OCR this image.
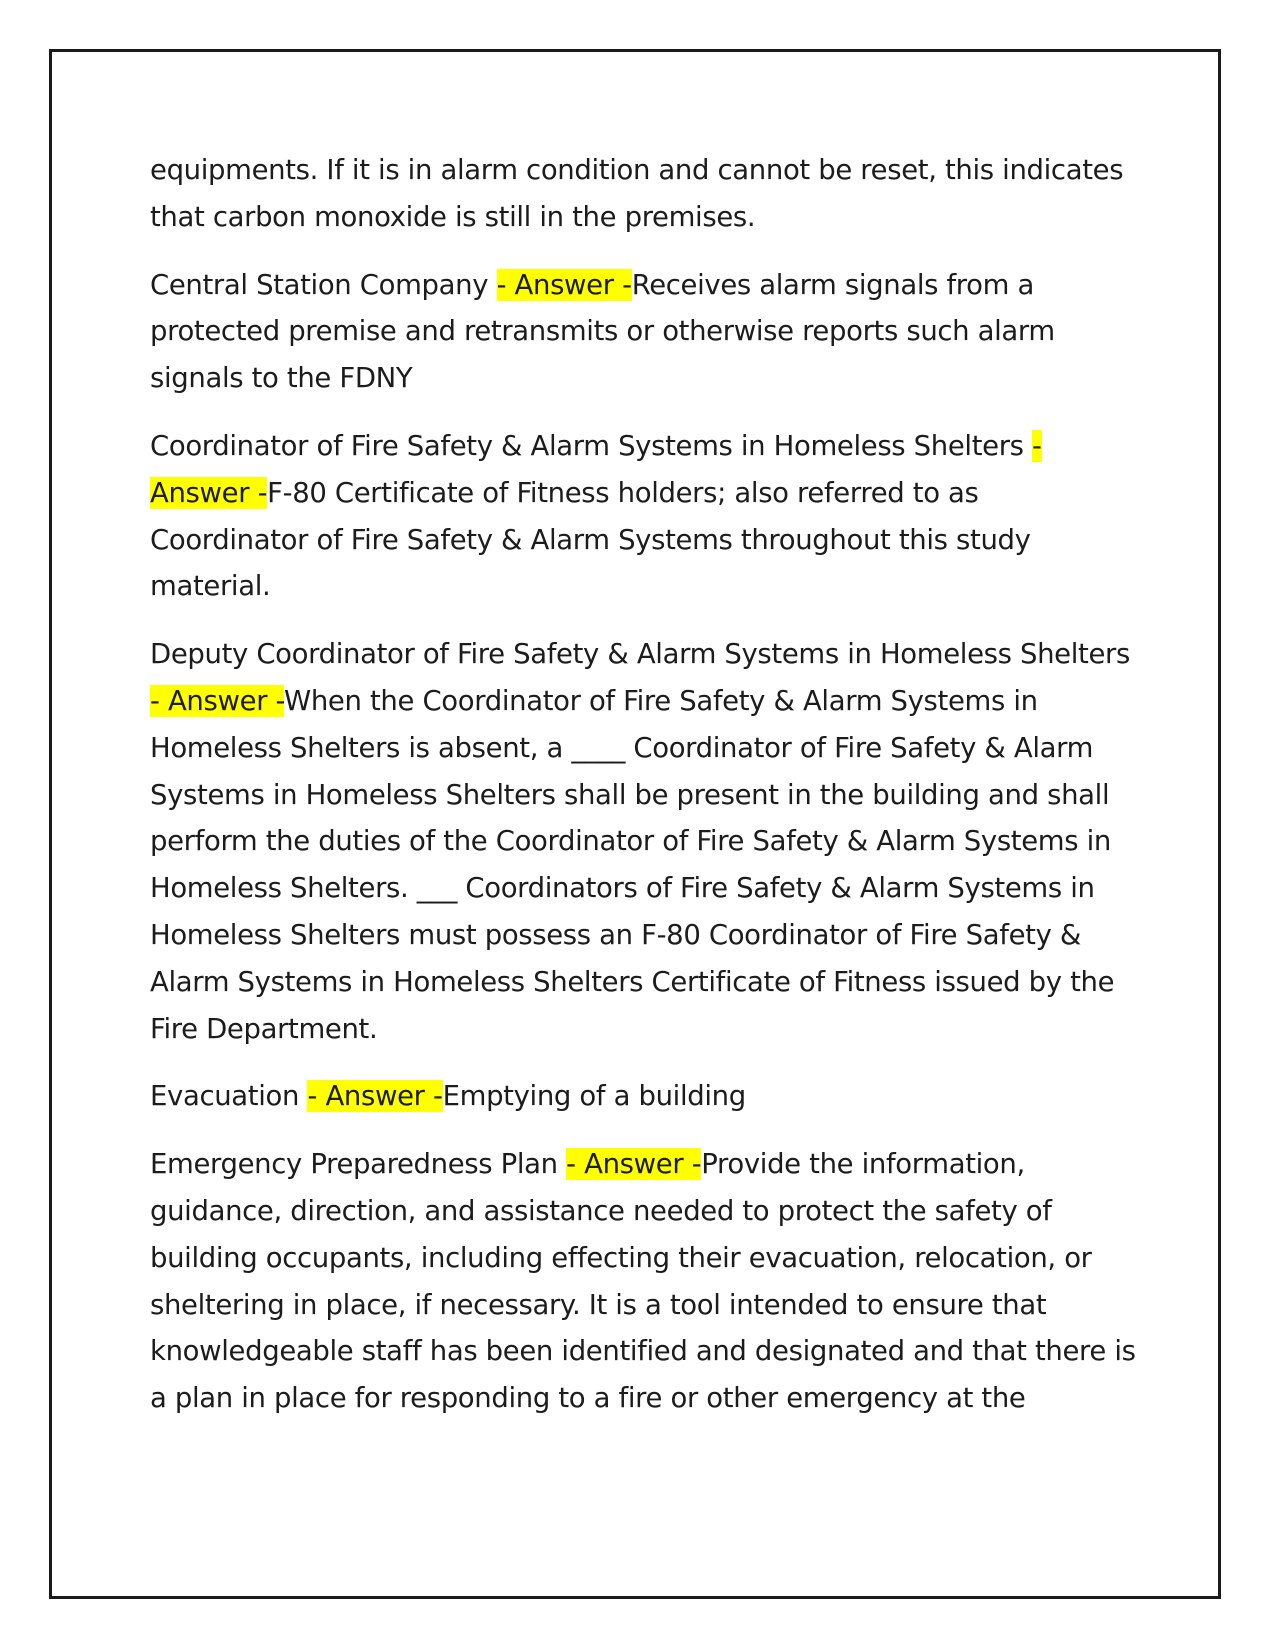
equipments. If it is in alarm condition and cannot be reset, this indicates that carbon monoxide is still in the premises.

Central Station Company - Answer -Receives alarm signals from a protected premise and retransmits or otherwise reports such alarm signals to the FDNY

Coordinator of Fire Safety & Alarm Systems in Homeless Shelters - Answer -F-80 Certificate of Fitness holders; also referred to as Coordinator of Fire Safety & Alarm Systems throughout this study material.

Deputy Coordinator of Fire Safety & Alarm Systems in Homeless Shelters - Answer -When the Coordinator of Fire Safety & Alarm Systems in Homeless Shelters is absent, a ____ Coordinator of Fire Safety & Alarm Systems in Homeless Shelters shall be present in the building and shall perform the duties of the Coordinator of Fire Safety & Alarm Systems in Homeless Shelters. ___ Coordinators of Fire Safety & Alarm Systems in Homeless Shelters must possess an F-80 Coordinator of Fire Safety & Alarm Systems in Homeless Shelters Certificate of Fitness issued by the Fire Department.

Evacuation - Answer -Emptying of a building

Emergency Preparedness Plan - Answer -Provide the information, guidance, direction, and assistance needed to protect the safety of building occupants, including effecting their evacuation, relocation, or sheltering in place, if necessary. It is a tool intended to ensure that knowledgeable staff has been identified and designated and that there is a plan in place for responding to a fire or other emergency at the
